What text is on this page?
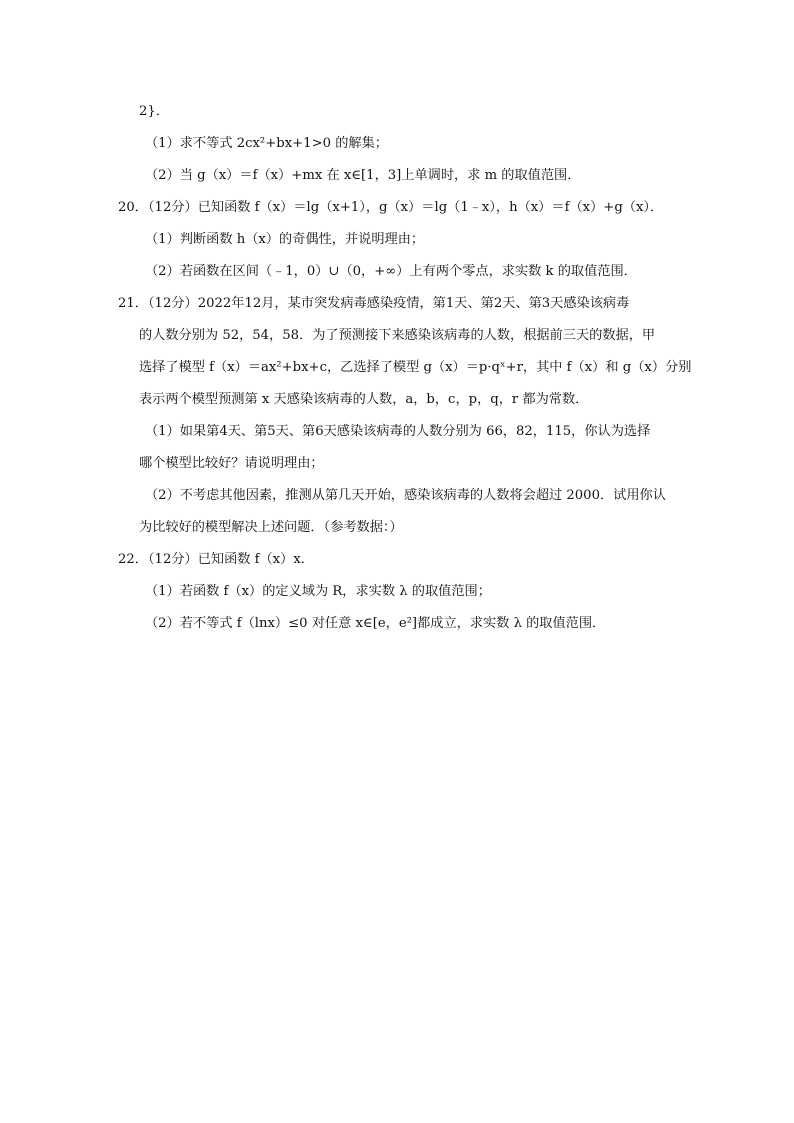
2}．
（1）求不等式 2cx²+bx+1>0 的解集；
（2）当 g（x）＝f（x）+mx 在 x∈[1，3]上单调时，求 m 的取值范围．
20．（12分）已知函数 f（x）＝lg（x+1），g（x）＝lg（1﹣x），h（x）＝f（x）+g（x）．
（1）判断函数 h（x）的奇偶性，并说明理由；
（2）若函数在区间（﹣1，0）∪（0，+∞）上有两个零点，求实数 k 的取值范围．
21．（12分）2022年12月，某市突发病毒感染疫情，第1天、第2天、第3天感染该病毒
的人数分别为 52，54，58．为了预测接下来感染该病毒的人数，根据前三天的数据，甲
选择了模型 f（x）＝ax²+bx+c，乙选择了模型 g（x）＝p·qˣ+r，其中 f（x）和 g（x）分别
表示两个模型预测第 x 天感染该病毒的人数，a，b，c，p，q，r 都为常数．
（1）如果第4天、第5天、第6天感染该病毒的人数分别为 66，82，115，你认为选择
哪个模型比较好？请说明理由；
（2）不考虑其他因素，推测从第几天开始，感染该病毒的人数将会超过 2000．试用你认
为比较好的模型解决上述问题．（参考数据：）
22．（12分）已知函数 f（x）x．
（1）若函数 f（x）的定义域为 R，求实数 λ 的取值范围；
（2）若不等式 f（lnx）≤0 对任意 x∈[e，e²]都成立，求实数 λ 的取值范围．
